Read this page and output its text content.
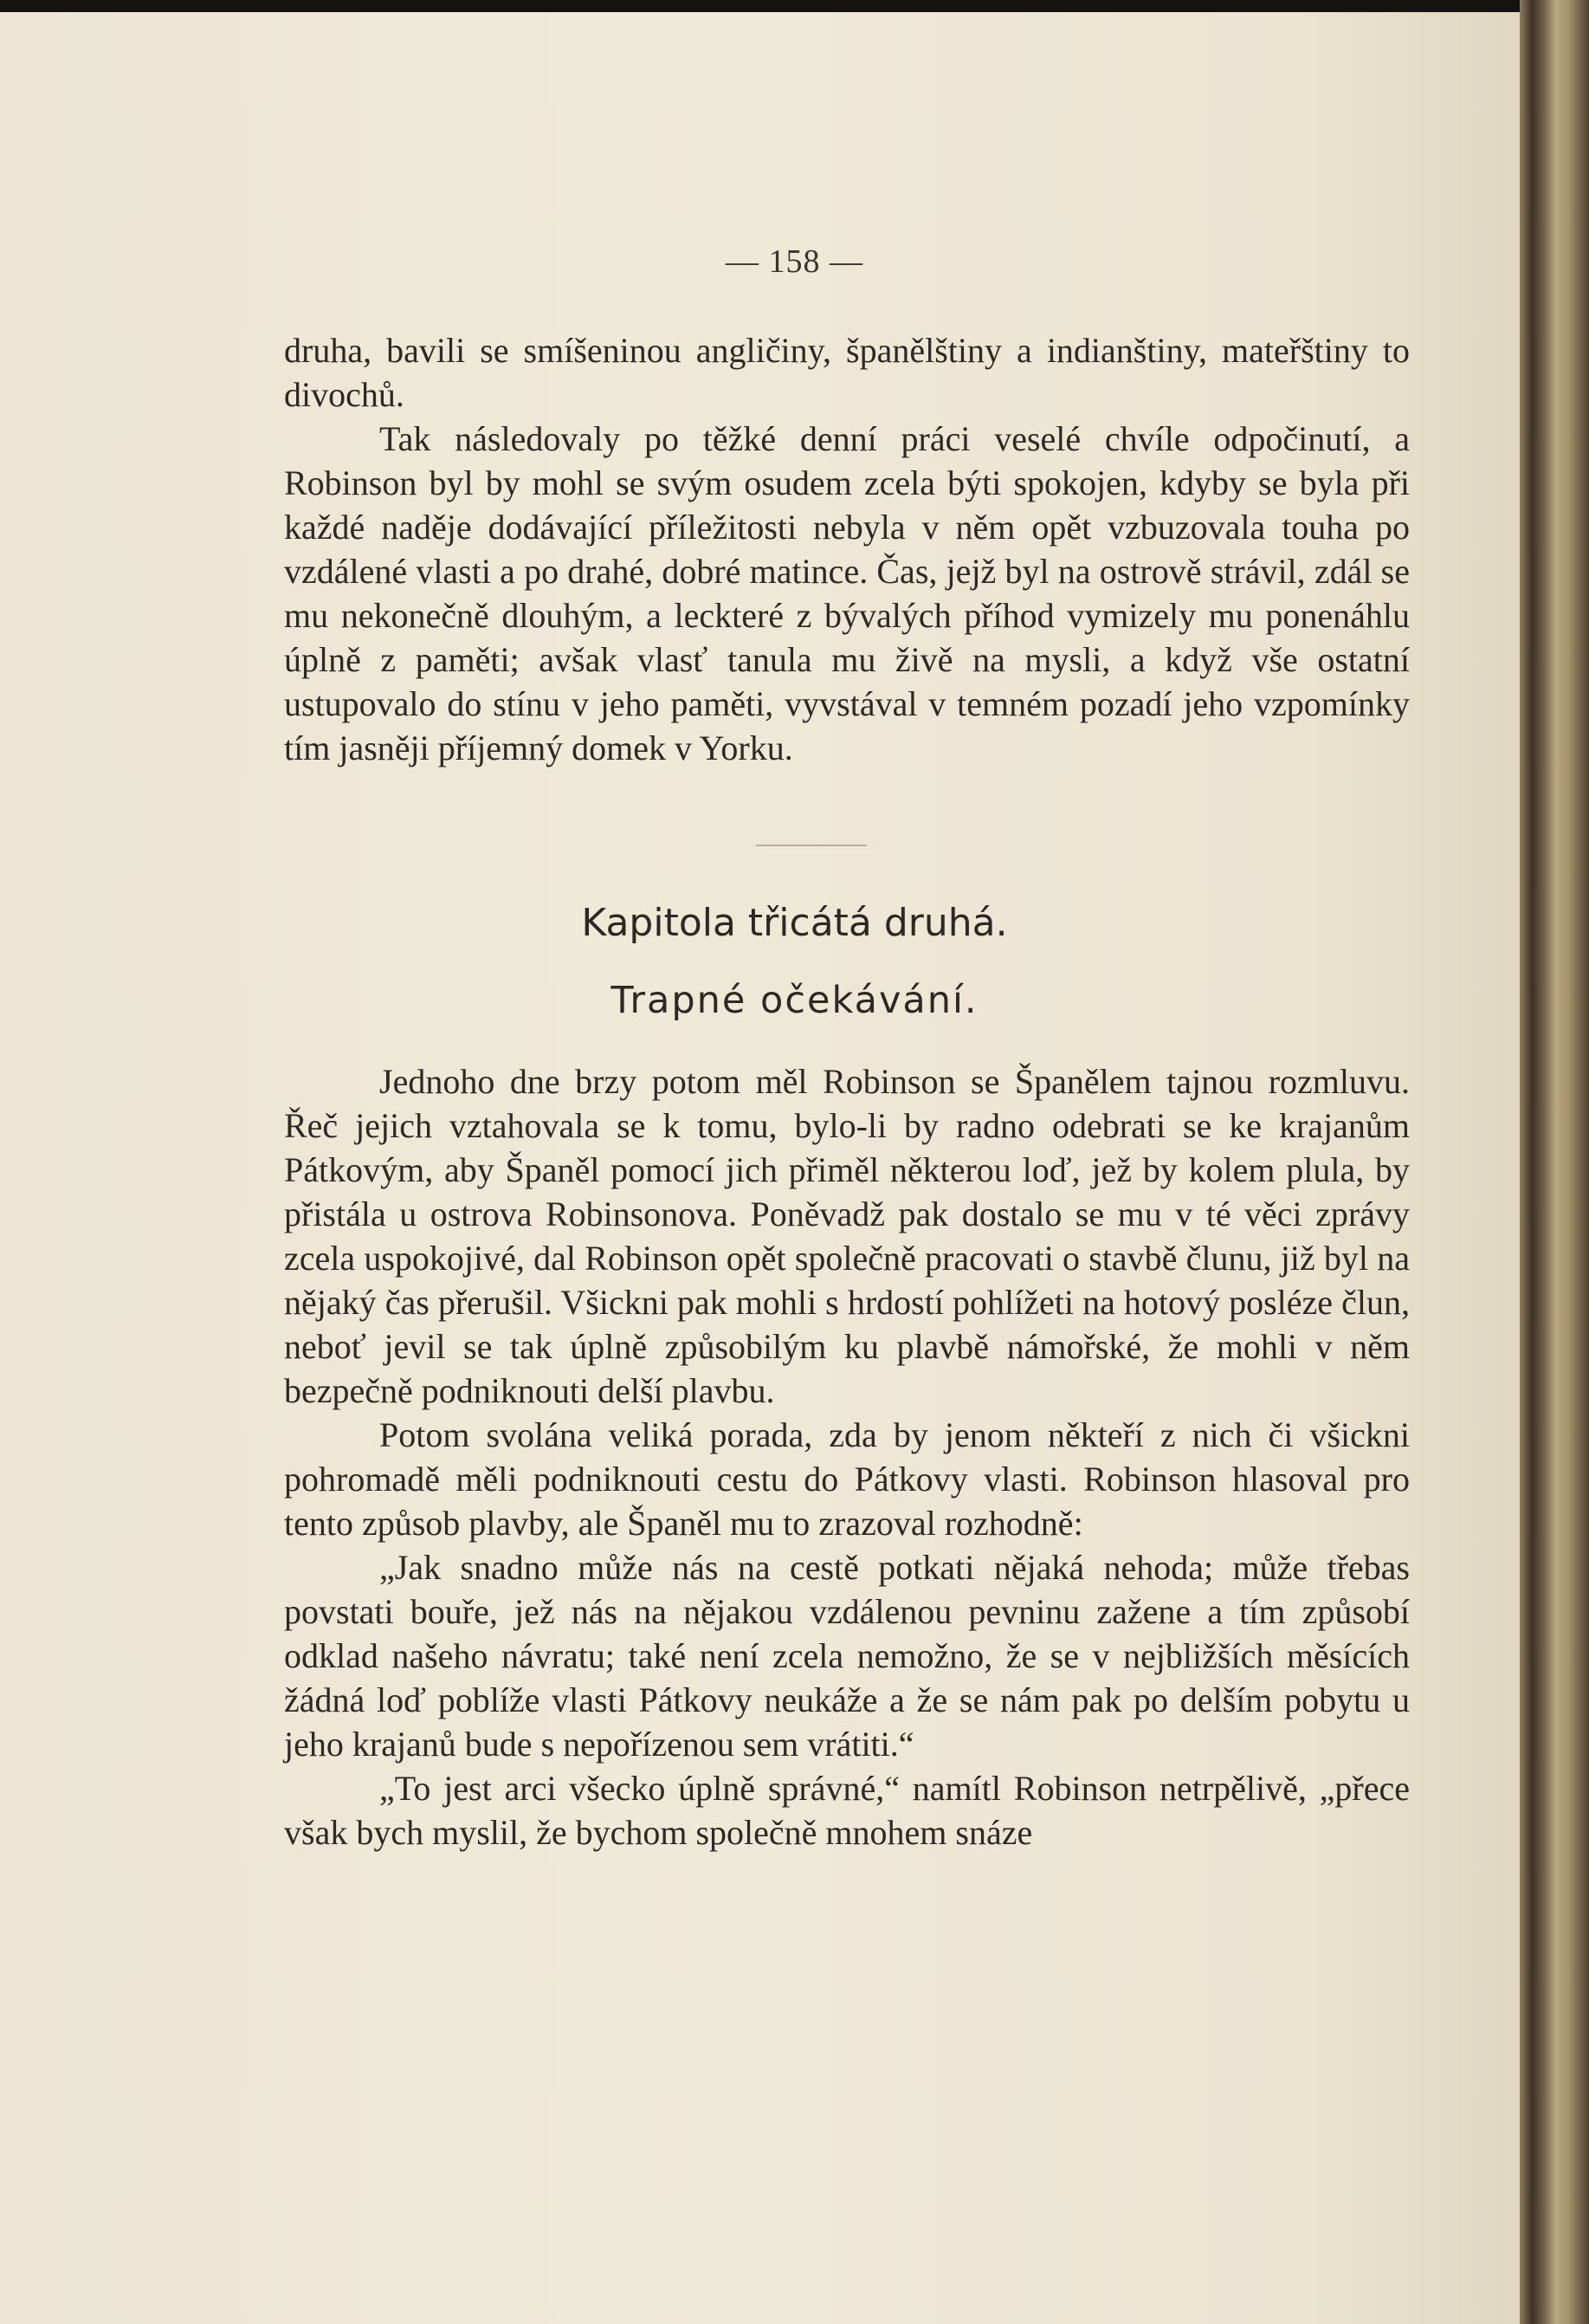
— 158 —

druha, bavili se smíšeninou angličiny, španělštiny a indianštiny, mateřštiny to divochů.

Tak následovaly po těžké denní práci veselé chvíle odpočinutí, a Robinson byl by mohl se svým osudem zcela býti spokojen, kdyby se byla při každé naděje dodávající příležitosti nebyla v něm opět vzbuzovala touha po vzdálené vlasti a po drahé, dobré matince. Čas, jejž byl na ostrově strávil, zdál se mu nekonečně dlouhým, a leckteré z bývalých příhod vymizely mu ponenáhlu úplně z paměti; avšak vlasť tanula mu živě na mysli, a když vše ostatní ustupovalo do stínu v jeho paměti, vyvstával v temném pozadí jeho vzpomínky tím jasněji příjemný domek v Yorku.

Kapitola třicátá druhá.
Trapné očekávání.

Jednoho dne brzy potom měl Robinson se Španělem tajnou rozmluvu. Řeč jejich vztahovala se k tomu, bylo-li by radno odebrati se ke krajanům Pátkovým, aby Španěl pomocí jich přiměl některou loď, jež by kolem plula, by přistála u ostrova Robinsonova. Poněvadž pak dostalo se mu v té věci zprávy zcela uspokojivé, dal Robinson opět společně pracovati o stavbě člunu, již byl na nějaký čas přerušil. Všickni pak mohli s hrdostí pohlížeti na hotový posléze člun, neboť jevil se tak úplně způsobilým ku plavbě námořské, že mohli v něm bezpečně podniknouti delší plavbu.

Potom svolána veliká porada, zda by jenom někteří z nich či všickni pohromadě měli podniknouti cestu do Pátkovy vlasti. Robinson hlasoval pro tento způsob plavby, ale Španěl mu to zrazoval rozhodně:

„Jak snadno může nás na cestě potkati nějaká nehoda; může třebas povstati bouře, jež nás na nějakou vzdálenou pevninu zažene a tím způsobí odklad našeho návratu; také není zcela nemožno, že se v nejbližších měsících žádná loď poblíže vlasti Pátkovy neukáže a že se nám pak po delším pobytu u jeho krajanů bude s nepořízenou sem vrátiti.“

„To jest arci všecko úplně správné,“ namítl Robinson netrpělivě, „přece však bych myslil, že bychom společně mnohem snáze
